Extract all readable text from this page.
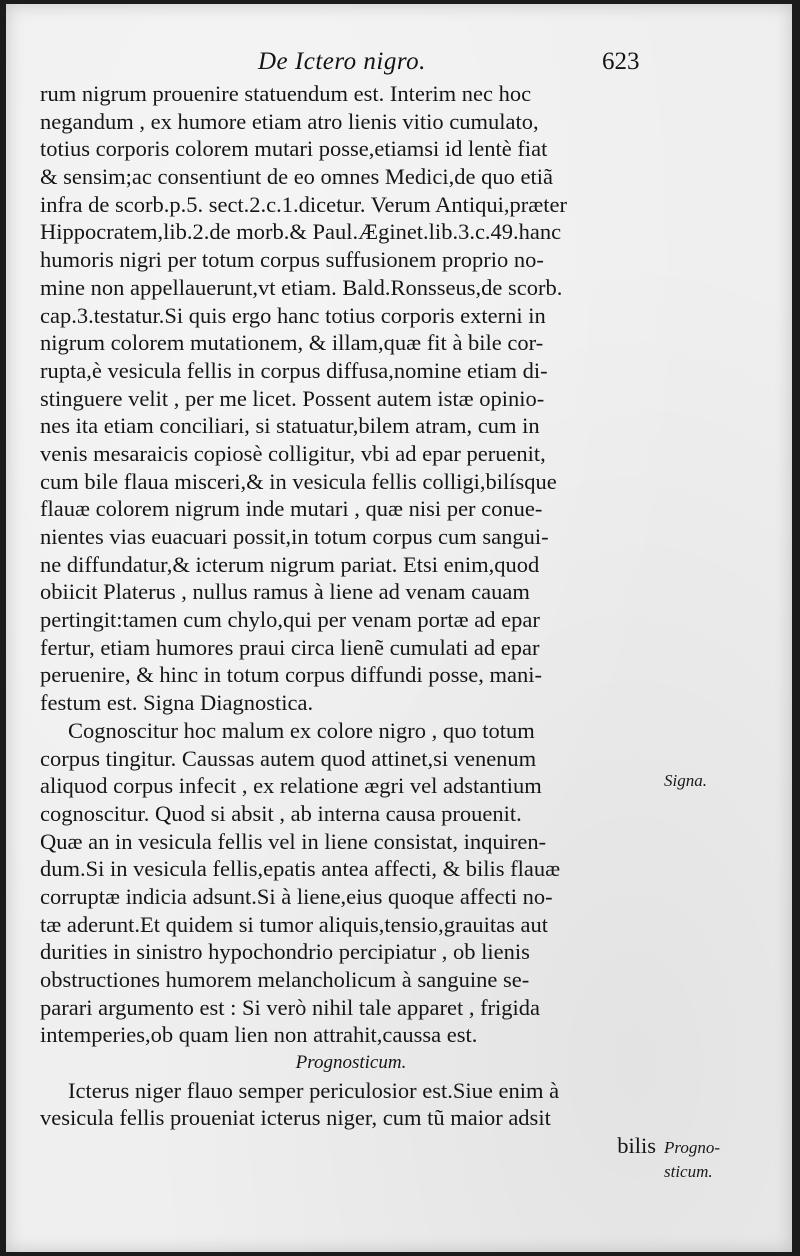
De Ictero nigro.	623
rum nigrum prouenire statuendum est. Interim nec hoc
negandum , ex humore etiam atro lienis vitio cumulato,
totius corporis colorem mutari posse,etiamsi id lentè fiat
& sensim;ac consentiunt de eo omnes Medici,de quo etiã
infra de scorb.p.5. sect.2.c.1.dicetur. Verum Antiqui,præter
Hippocratem,lib.2.de morb.& Paul.Æginet.lib.3.c.49.hanc
humoris nigri per totum corpus suffusionem proprio no-
mine non appellauerunt,vt etiam. Bald.Ronsseus,de scorb.
cap.3.testatur.Si quis ergo hanc totius corporis externi in
nigrum colorem mutationem, & illam,quæ fit à bile cor-
rupta,è vesicula fellis in corpus diffusa,nomine etiam di-
stinguere velit , per me licet. Possent autem istæ opinio-
nes ita etiam conciliari, si statuatur,bilem atram, cum in
venis mesaraicis copiosè colligitur, vbi ad epar peruenit,
cum bile flaua misceri,& in vesicula fellis colligi,bilísque
flauæ colorem nigrum inde mutari , quæ nisi per conue-
nientes vias euacuari possit,in totum corpus cum sangui-
ne diffundatur,& icterum nigrum pariat. Etsi enim,quod
obiicit Platerus , nullus ramus à liene ad venam cauam
pertingit:tamen cum chylo,qui per venam portæ ad epar
fertur, etiam humores praui circa lienẽ cumulati ad epar
peruenire, & hinc in totum corpus diffundi posse, mani-
festum est. Signa Diagnostica.
Cognoscitur hoc malum ex colore nigro , quo totum
corpus tingitur. Caussas autem quod attinet,si venenum
aliquod corpus infecit , ex relatione ægri vel adstantium
cognoscitur. Quod si absit , ab interna causa prouenit.
Quæ an in vesicula fellis vel in liene consistat, inquiren-
dum.Si in vesicula fellis,epatis antea affecti, & bilis flauæ
corruptæ indicia adsunt.Si à liene,eius quoque affecti no-
tæ aderunt.Et quidem si tumor aliquis,tensio,grauitas aut
durities in sinistro hypochondrio percipiatur , ob lienis
obstructiones humorem melancholicum à sanguine se-
parari argumento est : Si verò nihil tale apparet , frigida
intemperies,ob quam lien non attrahit,caussa est.
Prognosticum.
Icterus niger flauo semper periculosior est.Siue enim à
vesicula fellis proueniat icterus niger, cum tũ maior adsit
bilis
Signa.
Progno-
sticum.
